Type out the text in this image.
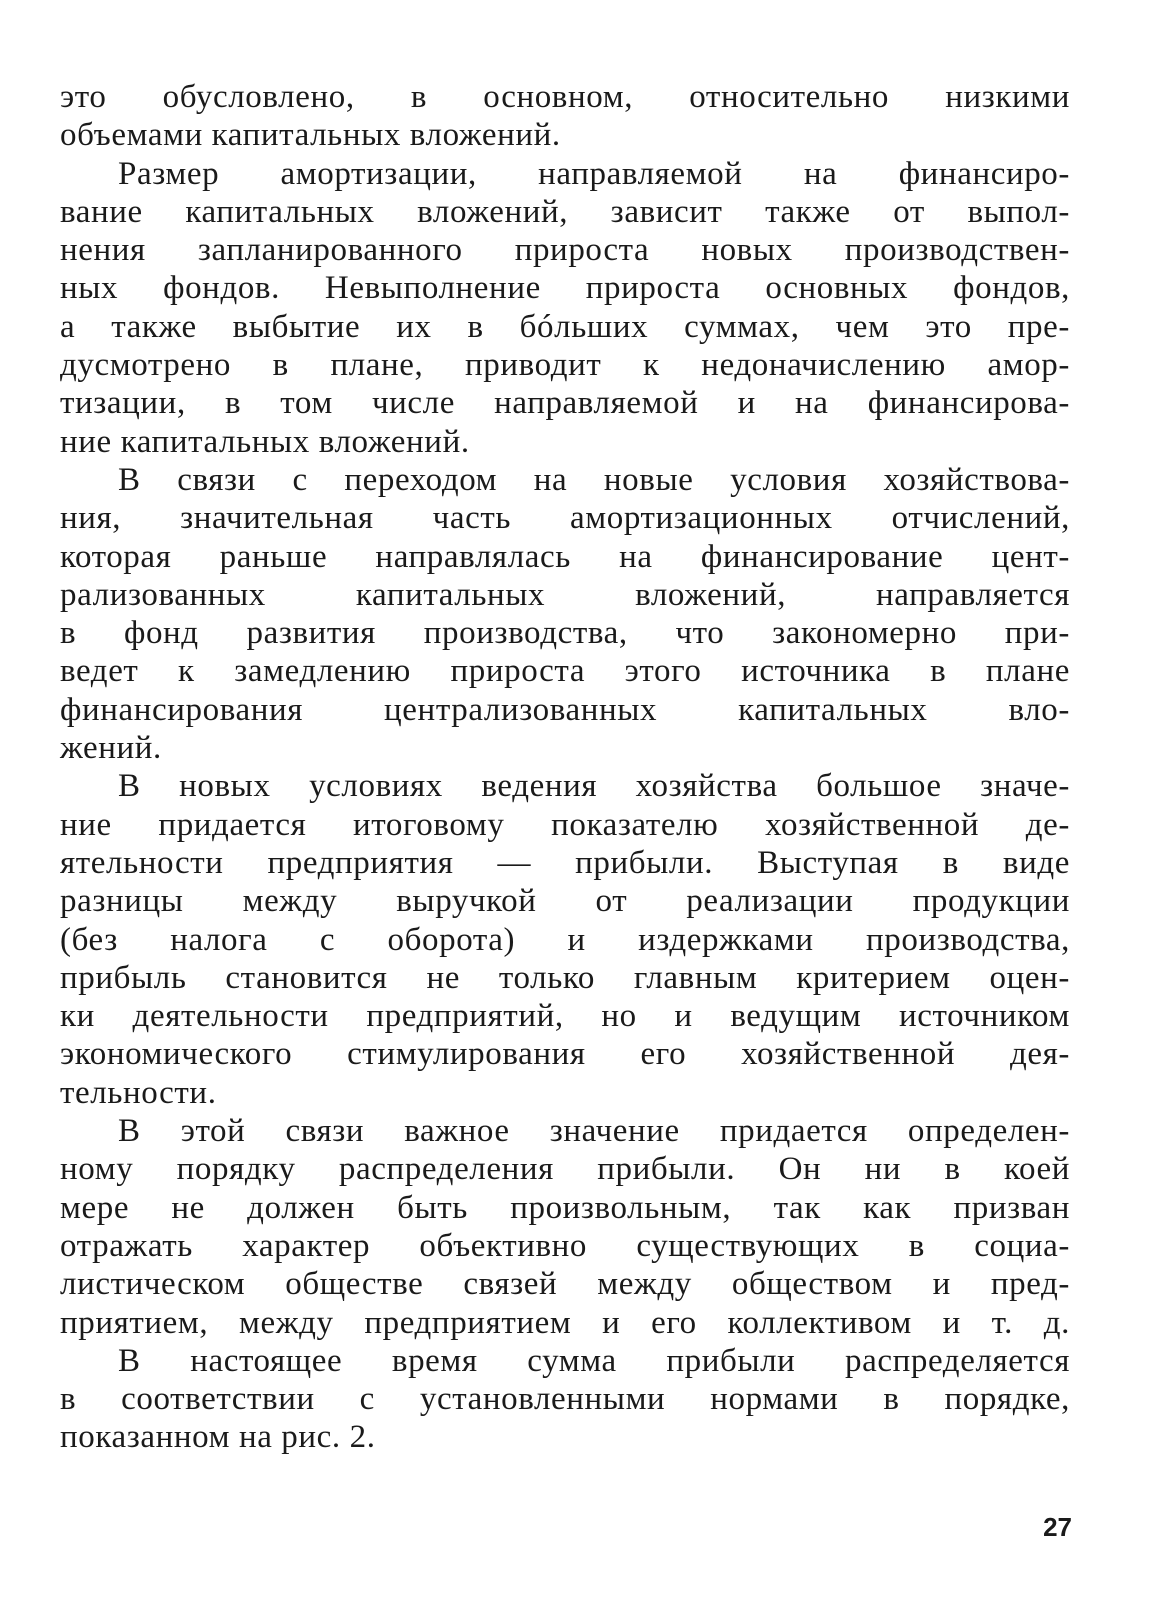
это обусловлено, в основном, относительно низкими
объемами капитальных вложений.
Размер амортизации, направляемой на финансиро-
вание капитальных вложений, зависит также от выпол-
нения запланированного прироста новых производствен-
ных фондов. Невыполнение прироста основных фондов,
а также выбытие их в бóльших суммах, чем это пре-
дусмотрено в плане, приводит к недоначислению амор-
тизации, в том числе направляемой и на финансирова-
ние капитальных вложений.
В связи с переходом на новые условия хозяйствова-
ния, значительная часть амортизационных отчислений,
которая раньше направлялась на финансирование цент-
рализованных капитальных вложений, направляется
в фонд развития производства, что закономерно при-
ведет к замедлению прироста этого источника в плане
финансирования централизованных капитальных вло-
жений.
В новых условиях ведения хозяйства большое значе-
ние придается итоговому показателю хозяйственной де-
ятельности предприятия — прибыли. Выступая в виде
разницы между выручкой от реализации продукции
(без налога с оборота) и издержками производства,
прибыль становится не только главным критерием оцен-
ки деятельности предприятий, но и ведущим источником
экономического стимулирования его хозяйственной дея-
тельности.
В этой связи важное значение придается определен-
ному порядку распределения прибыли. Он ни в коей
мере не должен быть произвольным, так как призван
отражать характер объективно существующих в социа-
листическом обществе связей между обществом и пред-
приятием, между предприятием и его коллективом и т. д.
В настоящее время сумма прибыли распределяется
в соответствии с установленными нормами в порядке,
показанном на рис. 2.
27
